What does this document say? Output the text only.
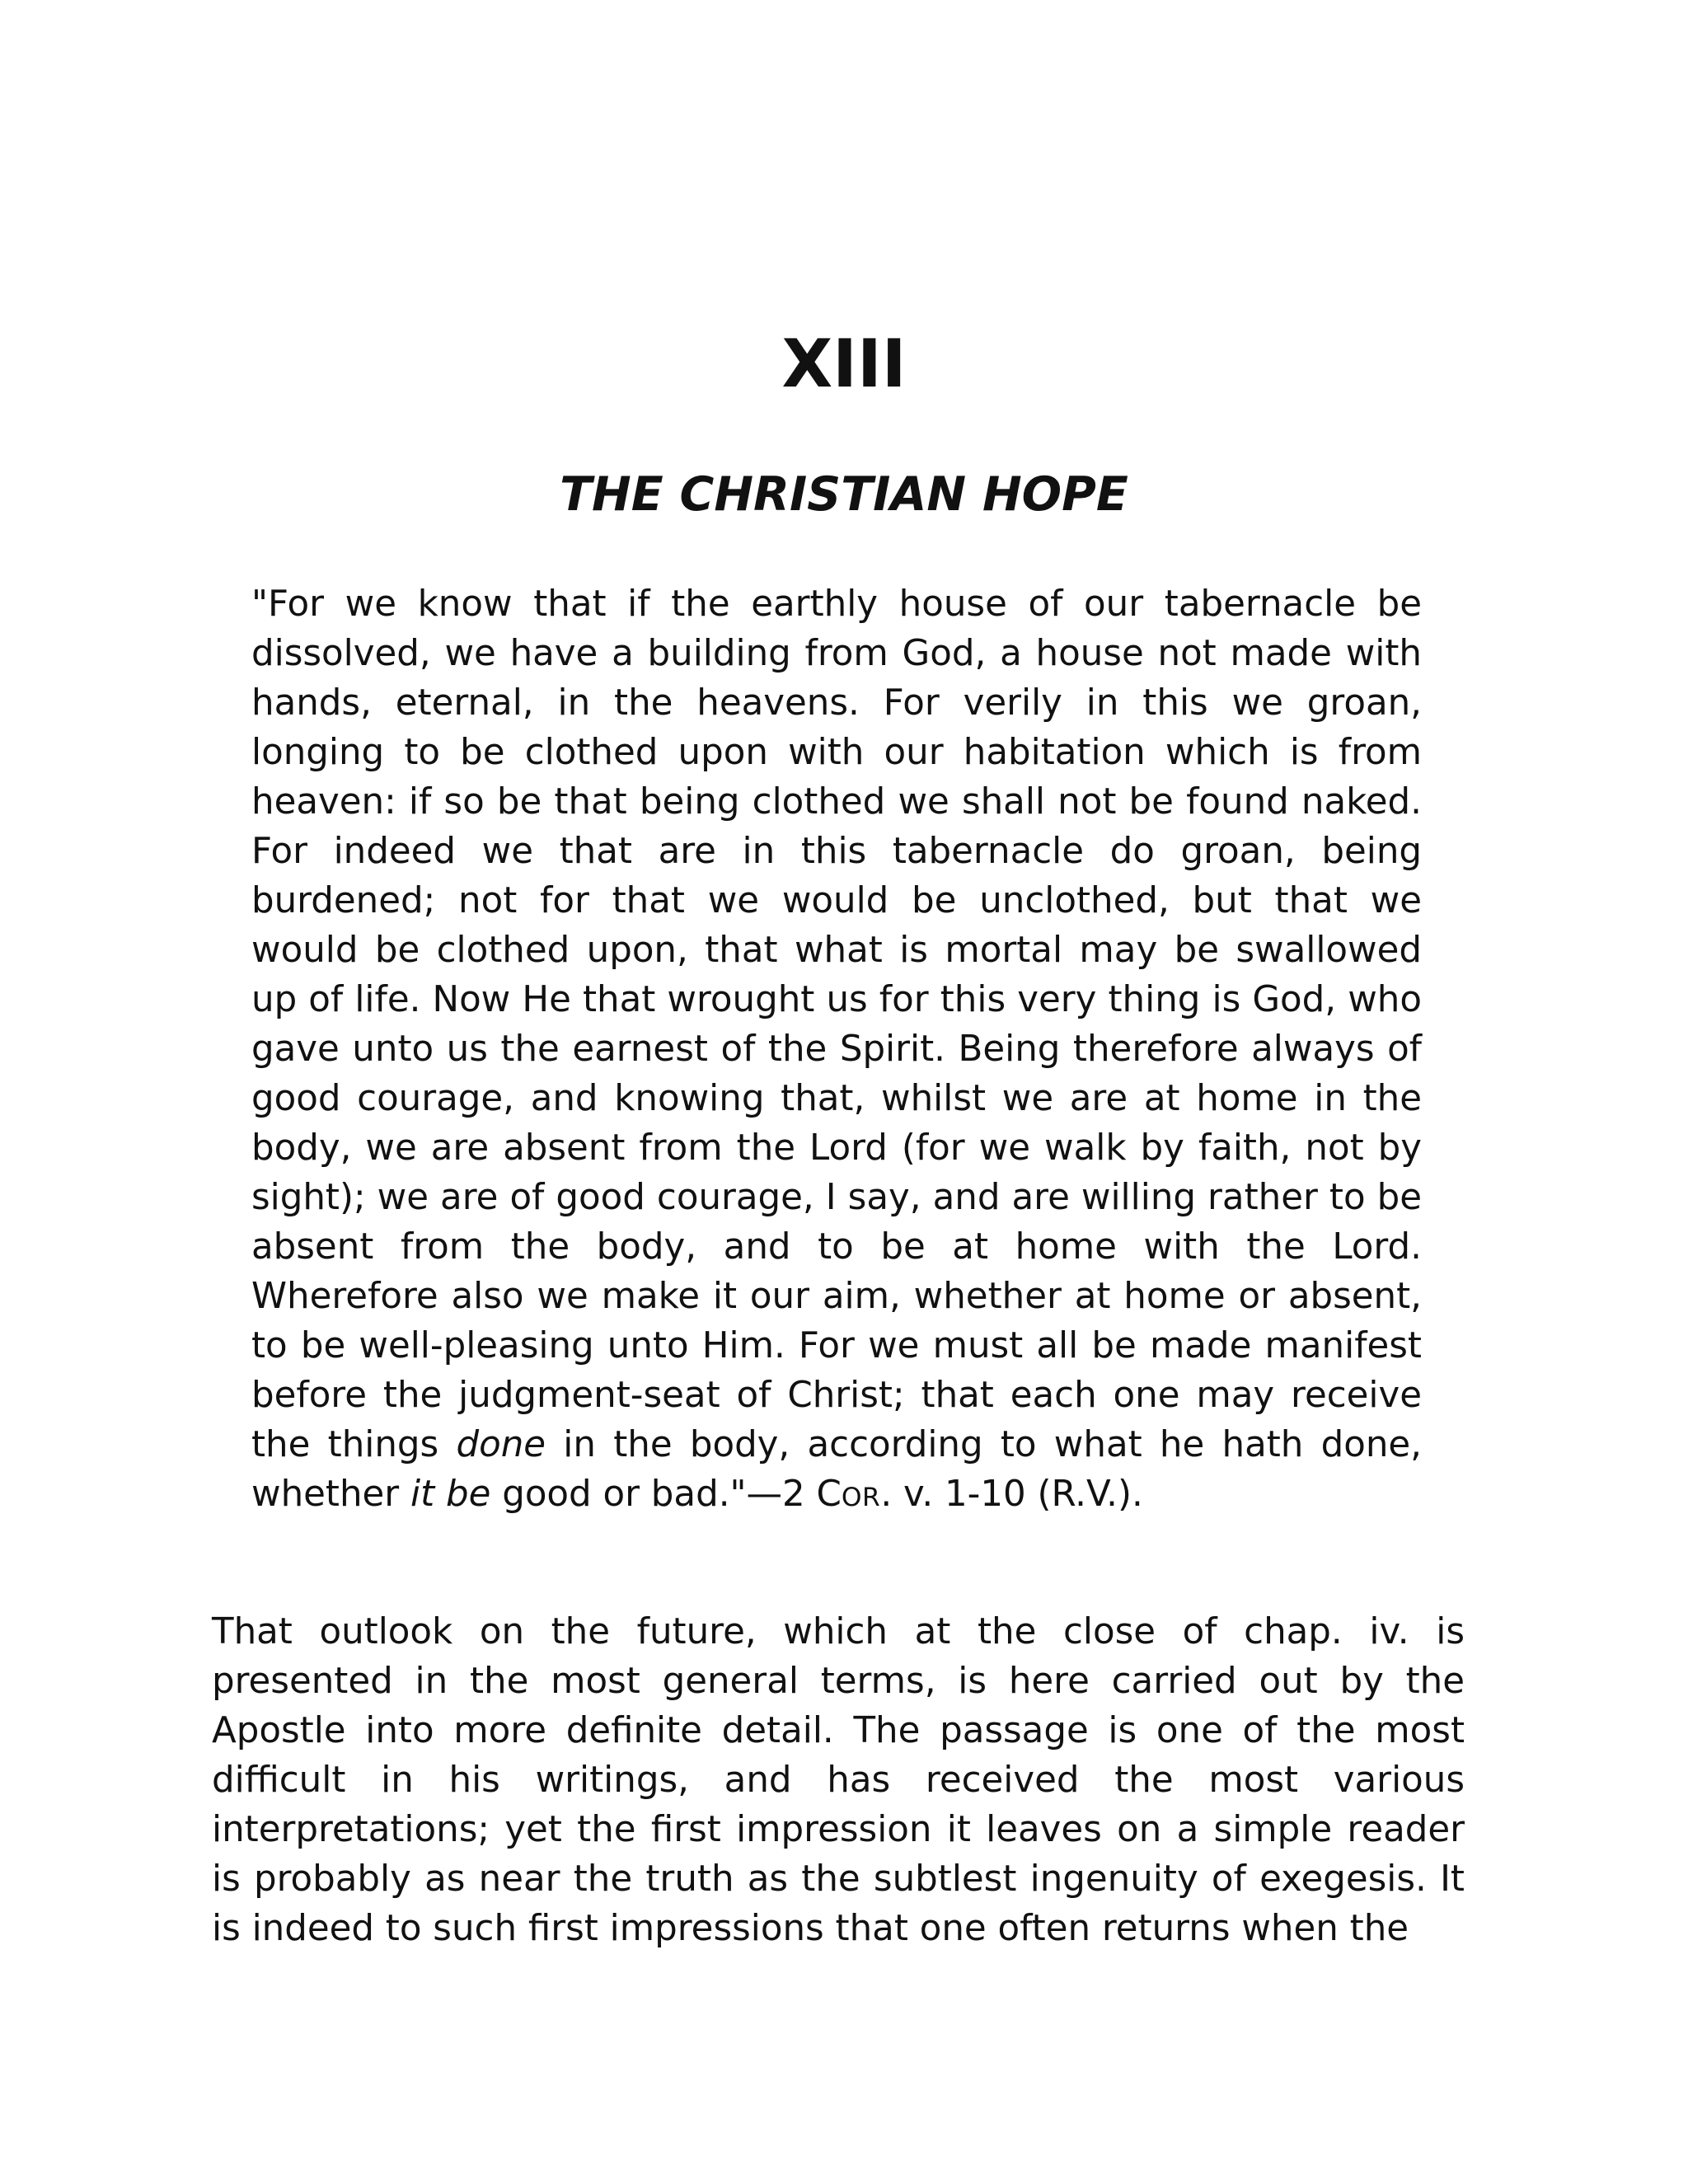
XIII
THE CHRISTIAN HOPE

"For we know that if the earthly house of our tabernacle be dissolved, we have a building from God, a house not made with hands, eternal, in the heavens. For verily in this we groan, longing to be clothed upon with our habitation which is from heaven: if so be that being clothed we shall not be found naked. For indeed we that are in this tabernacle do groan, being burdened; not for that we would be unclothed, but that we would be clothed upon, that what is mortal may be swallowed up of life. Now He that wrought us for this very thing is God, who gave unto us the earnest of the Spirit. Being therefore always of good courage, and knowing that, whilst we are at home in the body, we are absent from the Lord (for we walk by faith, not by sight); we are of good courage, I say, and are willing rather to be absent from the body, and to be at home with the Lord. Wherefore also we make it our aim, whether at home or absent, to be well-pleasing unto Him. For we must all be made manifest before the judgment-seat of Christ; that each one may receive the things done in the body, according to what he hath done, whether it be good or bad."—2 COR. v. 1-10 (R.V.).

That outlook on the future, which at the close of chap. iv. is presented in the most general terms, is here carried out by the Apostle into more definite detail. The passage is one of the most difficult in his writings, and has received the most various interpretations; yet the first impression it leaves on a simple reader is probably as near the truth as the subtlest ingenuity of exegesis. It is indeed to such first impressions that one often returns when the
